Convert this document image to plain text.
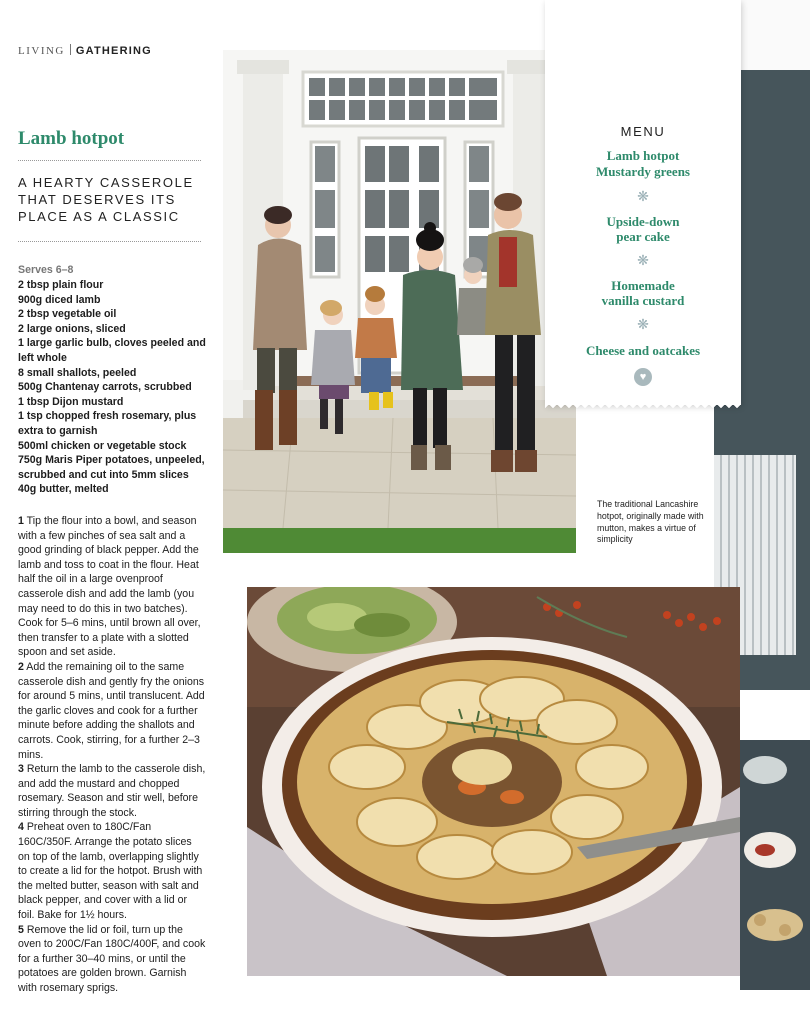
LIVING GATHERING
Lamb hotpot
A HEARTY CASSEROLE THAT DESERVES ITS PLACE AS A CLASSIC
Serves 6–8
2 tbsp plain flour
900g diced lamb
2 tbsp vegetable oil
2 large onions, sliced
1 large garlic bulb, cloves peeled and left whole
8 small shallots, peeled
500g Chantenay carrots, scrubbed
1 tbsp Dijon mustard
1 tsp chopped fresh rosemary, plus extra to garnish
500ml chicken or vegetable stock
750g Maris Piper potatoes, unpeeled, scrubbed and cut into 5mm slices
40g butter, melted

1 Tip the flour into a bowl, and season with a few pinches of sea salt and a good grinding of black pepper. Add the lamb and toss to coat in the flour. Heat half the oil in a large ovenproof casserole dish and add the lamb (you may need to do this in two batches). Cook for 5–6 mins, until brown all over, then transfer to a plate with a slotted spoon and set aside.

2 Add the remaining oil to the same casserole dish and gently fry the onions for around 5 mins, until translucent. Add the garlic cloves and cook for a further minute before adding the shallots and carrots. Cook, stirring, for a further 2–3 mins.

3 Return the lamb to the casserole dish, and add the mustard and chopped rosemary. Season and stir well, before stirring through the stock.

4 Preheat oven to 180C/Fan 160C/350F. Arrange the potato slices on top of the lamb, overlapping slightly to create a lid for the hotpot. Brush with the melted butter, season with salt and black pepper, and cover with a lid or foil. Bake for 1½ hours.

5 Remove the lid or foil, turn up the oven to 200C/Fan 180C/400F, and cook for a further 30–40 mins, or until the potatoes are golden brown. Garnish with rosemary sprigs.

MENU
Lamb hotpot
Mustardy greens
❋
Upside-down
pear cake
❋
Homemade
vanilla custard
❋
Cheese and oatcakes
♥
The traditional Lancashire hotpot, originally made with mutton, makes a virtue of simplicity
